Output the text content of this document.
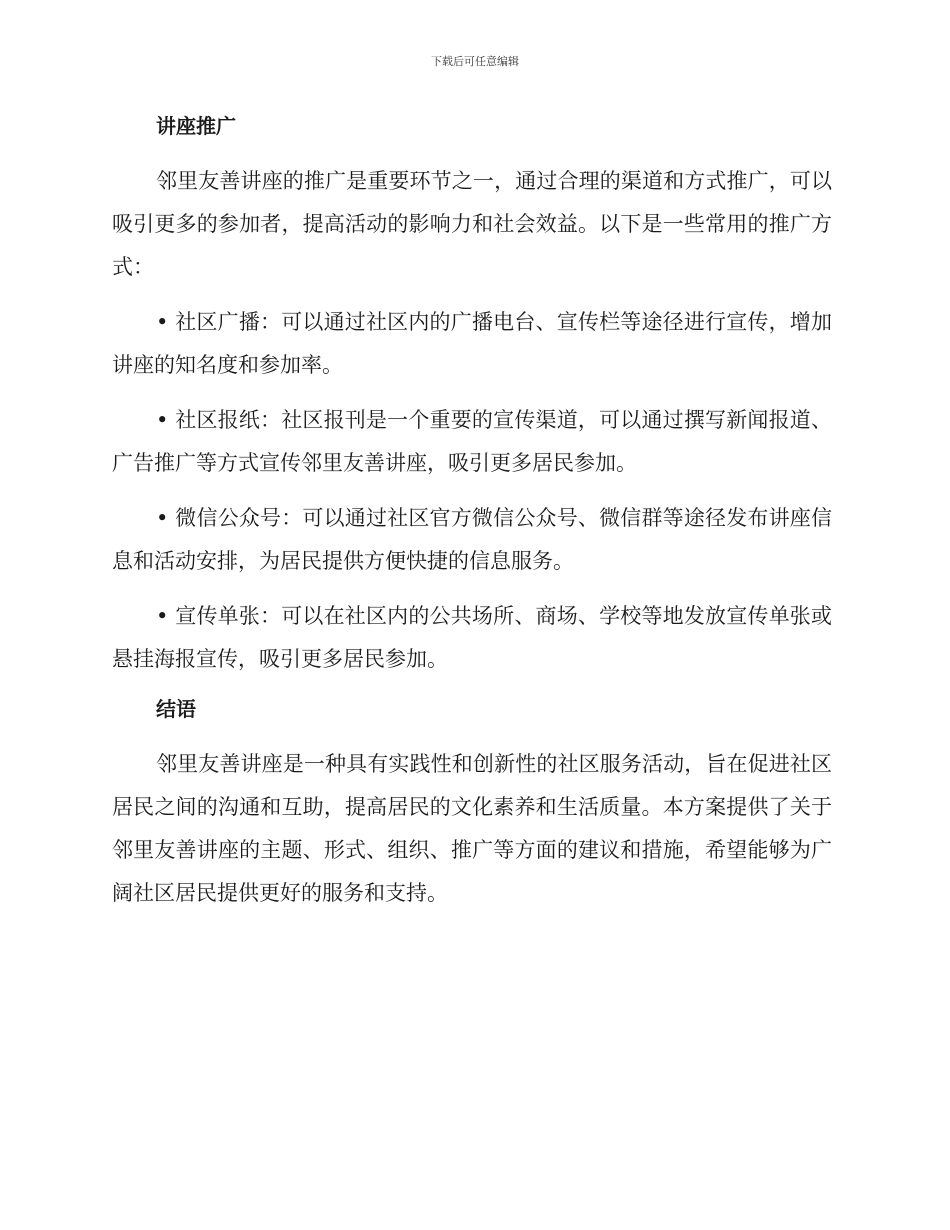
下载后可任意编辑
讲座推广

邻里友善讲座的推广是重要环节之一，通过合理的渠道和方式推广，可以吸引更多的参加者，提高活动的影响力和社会效益。以下是一些常用的推广方式：

• 社区广播：可以通过社区内的广播电台、宣传栏等途径进行宣传，增加讲座的知名度和参加率。

• 社区报纸：社区报刊是一个重要的宣传渠道，可以通过撰写新闻报道、广告推广等方式宣传邻里友善讲座，吸引更多居民参加。

• 微信公众号：可以通过社区官方微信公众号、微信群等途径发布讲座信息和活动安排，为居民提供方便快捷的信息服务。

• 宣传单张：可以在社区内的公共场所、商场、学校等地发放宣传单张或悬挂海报宣传，吸引更多居民参加。

结语

邻里友善讲座是一种具有实践性和创新性的社区服务活动，旨在促进社区居民之间的沟通和互助，提高居民的文化素养和生活质量。本方案提供了关于邻里友善讲座的主题、形式、组织、推广等方面的建议和措施，希望能够为广阔社区居民提供更好的服务和支持。
